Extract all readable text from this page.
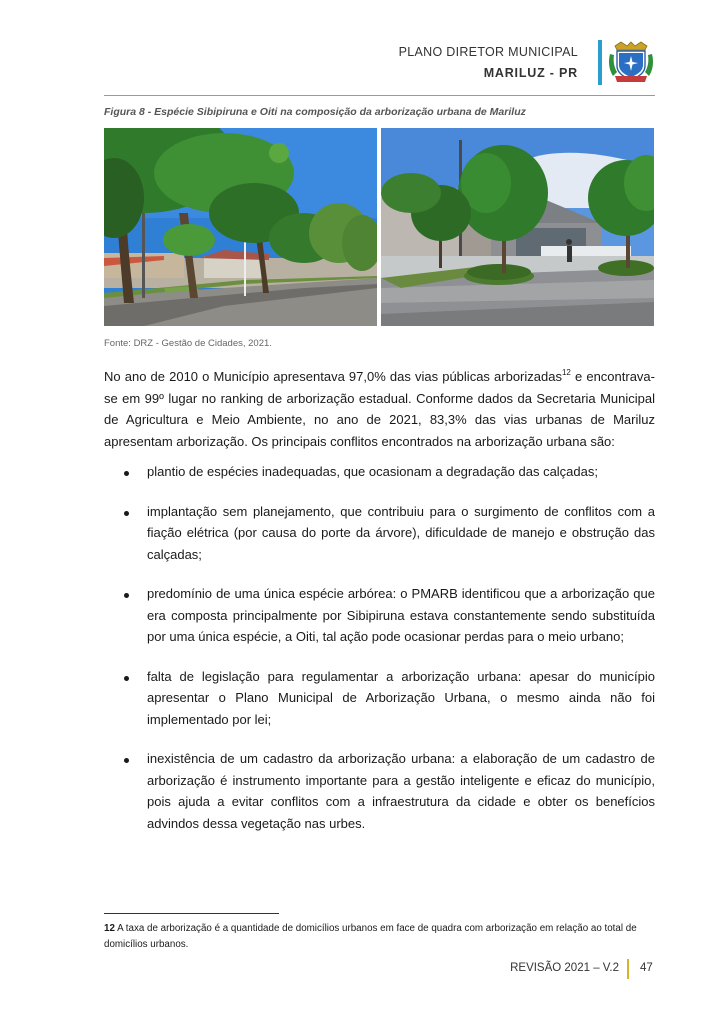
PLANO DIRETOR MUNICIPAL
MARILUZ - PR
Figura 8 - Espécie Sibipiruna e Oiti na composição da arborização urbana de Mariluz
Fonte: DRZ - Gestão de Cidades, 2021.

No ano de 2010 o Município apresentava 97,0% das vias públicas arborizadas$^{12}$ e encontrava-se em 99º lugar no ranking de arborização estadual. Conforme dados da Secretaria Municipal de Agricultura e Meio Ambiente, no ano de 2021, 83,3% das vias urbanas de Mariluz apresentam arborização. Os principais conflitos encontrados na arborização urbana são:

plantio de espécies inadequadas, que ocasionam a degradação das calçadas;
implantação sem planejamento, que contribuiu para o surgimento de conflitos com a fiação elétrica (por causa do porte da árvore), dificuldade de manejo e obstrução das calçadas;
predomínio de uma única espécie arbórea: o PMARB identificou que a arborização que era composta principalmente por Sibipiruna estava constantemente sendo substituída por uma única espécie, a Oiti, tal ação pode ocasionar perdas para o meio urbano;
falta de legislação para regulamentar a arborização urbana: apesar do município apresentar o Plano Municipal de Arborização Urbana, o mesmo ainda não foi implementado por lei;
inexistência de um cadastro da arborização urbana: a elaboração de um cadastro de arborização é instrumento importante para a gestão inteligente e eficaz do município, pois ajuda a evitar conflitos com a infraestrutura da cidade e obter os benefícios advindos dessa vegetação nas urbes.

12 A taxa de arborização é a quantidade de domicílios urbanos em face de quadra com arborização em relação ao total de domicílios urbanos.

REVISÃO 2021 – V.2 47
